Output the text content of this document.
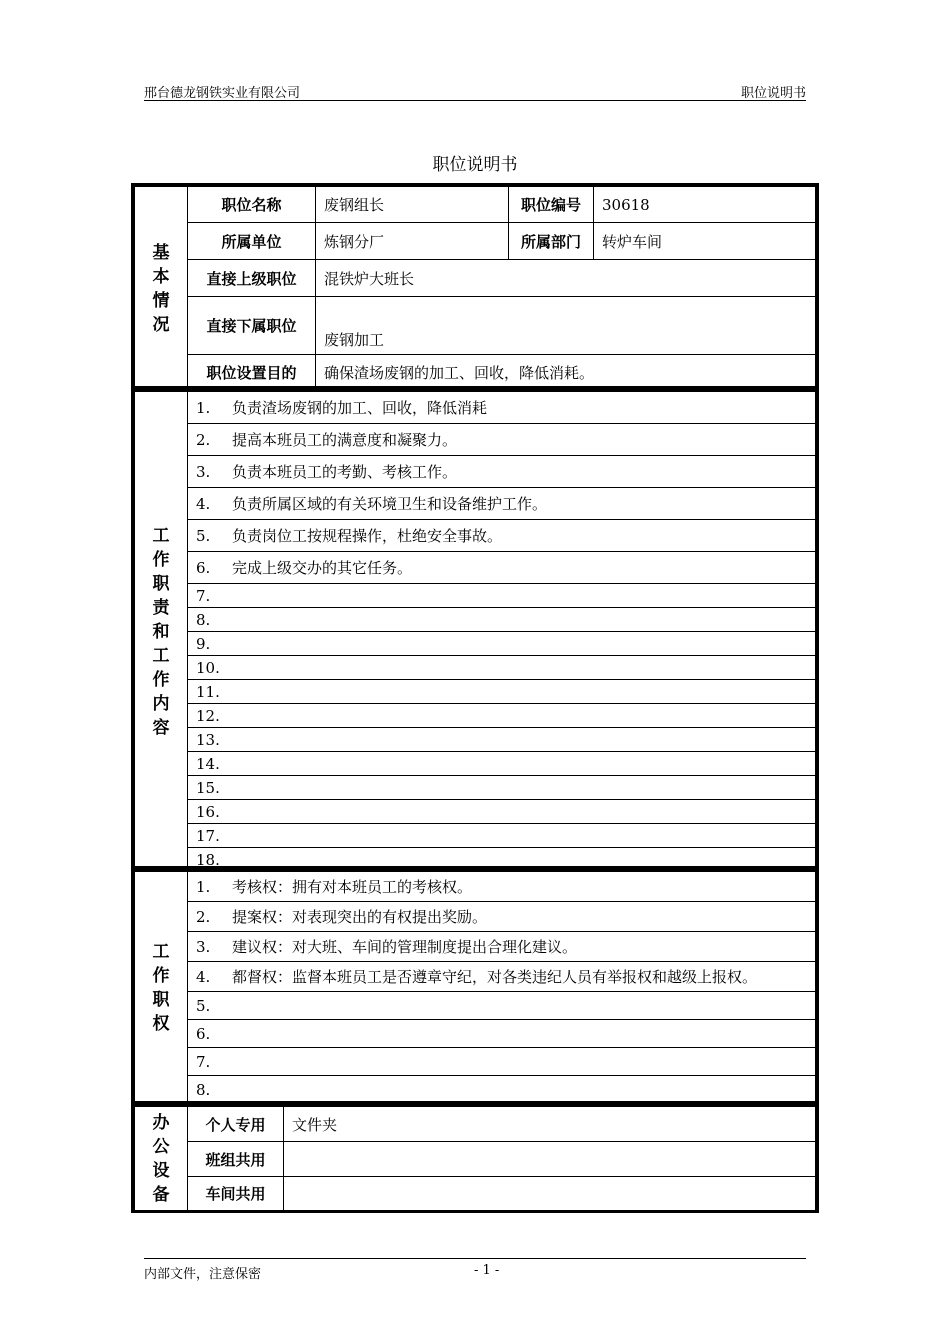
邢台德龙钢铁实业有限公司	职位说明书
职位说明书
基本情况	职位名称	废钢组长	职位编号	30618
	所属单位	炼钢分厂	所属部门	转炉车间
	直接上级职位	混铁炉大班长		
	直接下属职位	废钢加工		
	职位设置目的	确保渣场废钢的加工、回收，降低消耗。		
工作职责和工作内容
	1. 负责渣场废钢的加工、回收，降低消耗
2. 提高本班员工的满意度和凝聚力。
3. 负责本班员工的考勤、考核工作。
4. 负责所属区域的有关环境卫生和设备维护工作。
5. 负责岗位工按规程操作，杜绝安全事故。
6. 完成上级交办的其它任务。
7.
8.
9.
10.
11.
12.
13.
14.
15.
16.
17.
18.
工作职权
	1. 考核权：拥有对本班员工的考核权。
2. 提案权：对表现突出的有权提出奖励。
3. 建议权：对大班、车间的管理制度提出合理化建议。
4. 都督权：监督本班员工是否遵章守纪，对各类违纪人员有举报权和越级上报权。
5.
6.
7.
8.
办公设备	个人专用	文件夹
	班组共用	
	车间共用	
内部文件，注意保密	- 1 -
